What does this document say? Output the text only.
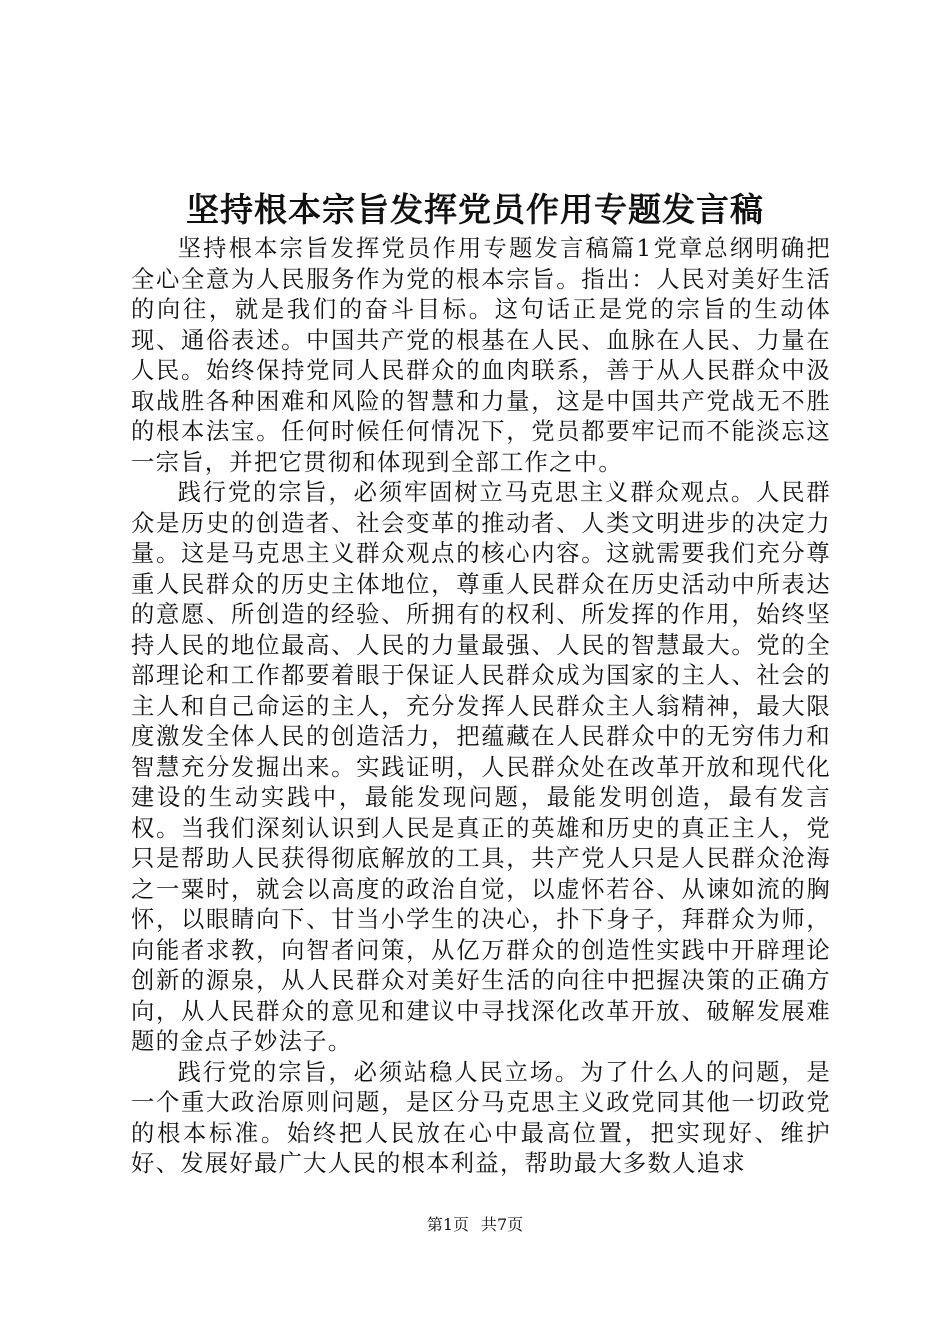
坚持根本宗旨发挥党员作用专题发言稿

坚持根本宗旨发挥党员作用专题发言稿篇1党章总纲明确把全心全意为人民服务作为党的根本宗旨。指出：人民对美好生活的向往，就是我们的奋斗目标。这句话正是党的宗旨的生动体现、通俗表述。中国共产党的根基在人民、血脉在人民、力量在人民。始终保持党同人民群众的血肉联系，善于从人民群众中汲取战胜各种困难和风险的智慧和力量，这是中国共产党战无不胜的根本法宝。任何时候任何情况下，党员都要牢记而不能淡忘这一宗旨，并把它贯彻和体现到全部工作之中。

践行党的宗旨，必须牢固树立马克思主义群众观点。人民群众是历史的创造者、社会变革的推动者、人类文明进步的决定力量。这是马克思主义群众观点的核心内容。这就需要我们充分尊重人民群众的历史主体地位，尊重人民群众在历史活动中所表达的意愿、所创造的经验、所拥有的权利、所发挥的作用，始终坚持人民的地位最高、人民的力量最强、人民的智慧最大。党的全部理论和工作都要着眼于保证人民群众成为国家的主人、社会的主人和自己命运的主人，充分发挥人民群众主人翁精神，最大限度激发全体人民的创造活力，把蕴藏在人民群众中的无穷伟力和智慧充分发掘出来。实践证明，人民群众处在改革开放和现代化建设的生动实践中，最能发现问题，最能发明创造，最有发言权。当我们深刻认识到人民是真正的英雄和历史的真正主人，党只是帮助人民获得彻底解放的工具，共产党人只是人民群众沧海之一粟时，就会以高度的政治自觉，以虚怀若谷、从谏如流的胸怀，以眼睛向下、甘当小学生的决心，扑下身子，拜群众为师，向能者求教，向智者问策，从亿万群众的创造性实践中开辟理论创新的源泉，从人民群众对美好生活的向往中把握决策的正确方向，从人民群众的意见和建议中寻找深化改革开放、破解发展难题的金点子妙法子。

践行党的宗旨，必须站稳人民立场。为了什么人的问题，是一个重大政治原则问题，是区分马克思主义政党同其他一切政党的根本标准。始终把人民放在心中最高位置，把实现好、维护好、发展好最广大人民的根本利益，帮助最大多数人追求

第1页 共7页
